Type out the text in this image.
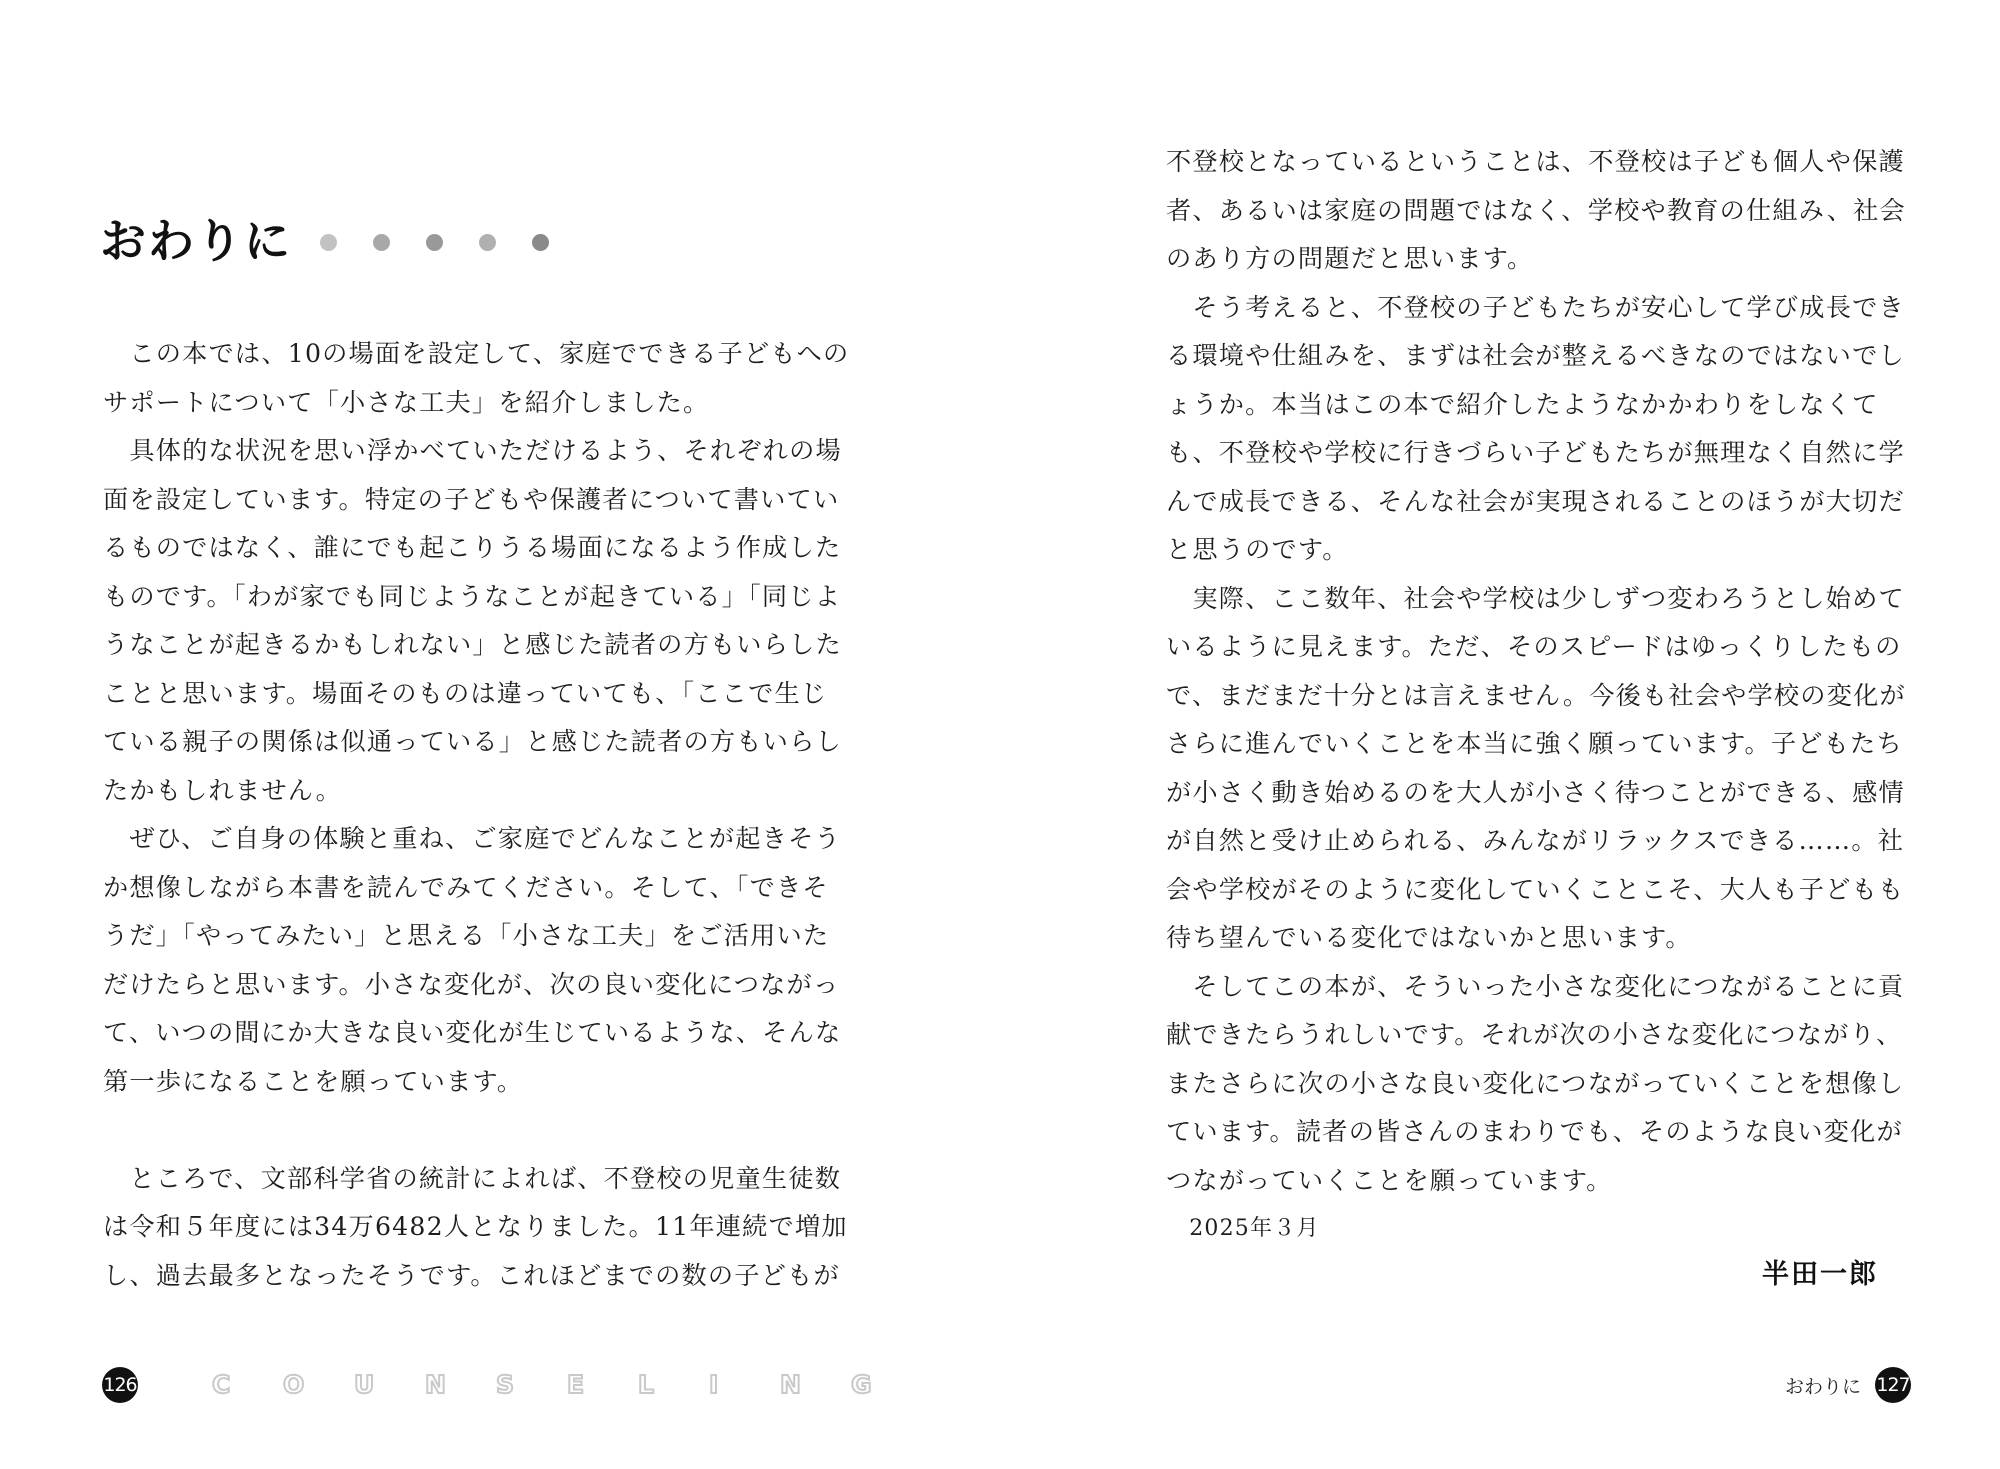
おわりに
　この本では、10の場面を設定して、家庭でできる子どもへの
サポートについて「小さな工夫」を紹介しました。
　具体的な状況を思い浮かべていただけるよう、それぞれの場
面を設定しています。特定の子どもや保護者について書いてい
るものではなく、誰にでも起こりうる場面になるよう作成した
ものです。「わが家でも同じようなことが起きている」「同じよ
うなことが起きるかもしれない」と感じた読者の方もいらした
ことと思います。場面そのものは違っていても、「ここで生じ
ている親子の関係は似通っている」と感じた読者の方もいらし
たかもしれません。
　ぜひ、ご自身の体験と重ね、ご家庭でどんなことが起きそう
か想像しながら本書を読んでみてください。そして、「できそ
うだ」「やってみたい」と思える「小さな工夫」をご活用いた
だけたらと思います。小さな変化が、次の良い変化につながっ
て、いつの間にか大きな良い変化が生じているような、そんな
第一歩になることを願っています。
　ところで、文部科学省の統計によれば、不登校の児童生徒数
は令和５年度には34万6482人となりました。11年連続で増加
し、過去最多となったそうです。これほどまでの数の子どもが
126	C	O	U	N	S	E	L	I	N	G
不登校となっているということは、不登校は子ども個人や保護
者、あるいは家庭の問題ではなく、学校や教育の仕組み、社会
のあり方の問題だと思います。
　そう考えると、不登校の子どもたちが安心して学び成長でき
る環境や仕組みを、まずは社会が整えるべきなのではないでし
ょうか。本当はこの本で紹介したようなかかわりをしなくて
も、不登校や学校に行きづらい子どもたちが無理なく自然に学
んで成長できる、そんな社会が実現されることのほうが大切だ
と思うのです。
　実際、ここ数年、社会や学校は少しずつ変わろうとし始めて
いるように見えます。ただ、そのスピードはゆっくりしたもの
で、まだまだ十分とは言えません。今後も社会や学校の変化が
さらに進んでいくことを本当に強く願っています。子どもたち
が小さく動き始めるのを大人が小さく待つことができる、感情
が自然と受け止められる、みんながリラックスできる……。社
会や学校がそのように変化していくことこそ、大人も子どもも
待ち望んでいる変化ではないかと思います。
　そしてこの本が、そういった小さな変化につながることに貢
献できたらうれしいです。それが次の小さな変化につながり、
またさらに次の小さな良い変化につながっていくことを想像し
ています。読者の皆さんのまわりでも、そのような良い変化が
つながっていくことを願っています。
　2025年３月
半田一郎
おわりに 127
